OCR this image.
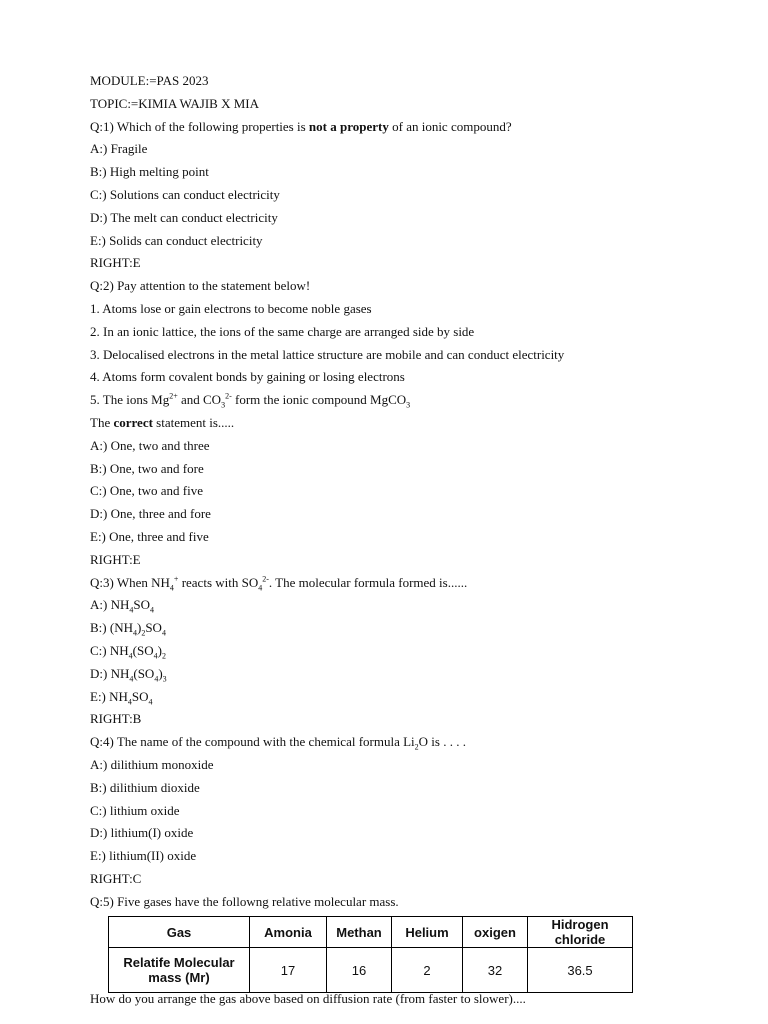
MODULE:=PAS 2023
TOPIC:=KIMIA WAJIB X MIA
Q:1) Which of the following properties is not a property of an ionic compound?
A:) Fragile
B:) High melting point
C:) Solutions can conduct electricity
D:) The melt can conduct electricity
E:) Solids can conduct electricity
RIGHT:E
Q:2) Pay attention to the statement below!
1. Atoms lose or gain electrons to become noble gases
2. In an ionic lattice, the ions of the same charge are arranged side by side
3. Delocalised electrons in the metal lattice structure are mobile and can conduct electricity
4. Atoms form covalent bonds by gaining or losing electrons
5. The ions $Mg^{2+}$ and $CO_3^{2-}$ form the ionic compound MgCO$_3$
The correct statement is.....
A:) One, two and three
B:) One, two and fore
C:) One, two and five
D:) One, three and fore
E:) One, three and five
RIGHT:E
Q:3) When $NH_4^+$ reacts with $SO_4^{2-}$. The molecular formula formed is......
A:) $NH_4SO_4$
B:) $(NH_4)_2SO_4$
C:) $NH_4(SO_4)_2$
D:) $NH_4(SO_4)_3$
E:) $NH_4SO_4$
RIGHT:B
Q:4) The name of the compound with the chemical formula $Li_2O$ is . . . .
A:) dilithium monoxide
B:) dilithium dioxide
C:) lithium oxide
D:) lithium(I) oxide
E:) lithium(II) oxide
RIGHT:C
Q:5) Five gases have the followng relative molecular mass.
Gas	Amonia	Methan	Helium	oxigen	Hidrogen chloride
Relatife Molecular mass (Mr)	17	16	2	32	36.5
How do you arrange the gas above based on diffusion rate (from faster to slower)....
